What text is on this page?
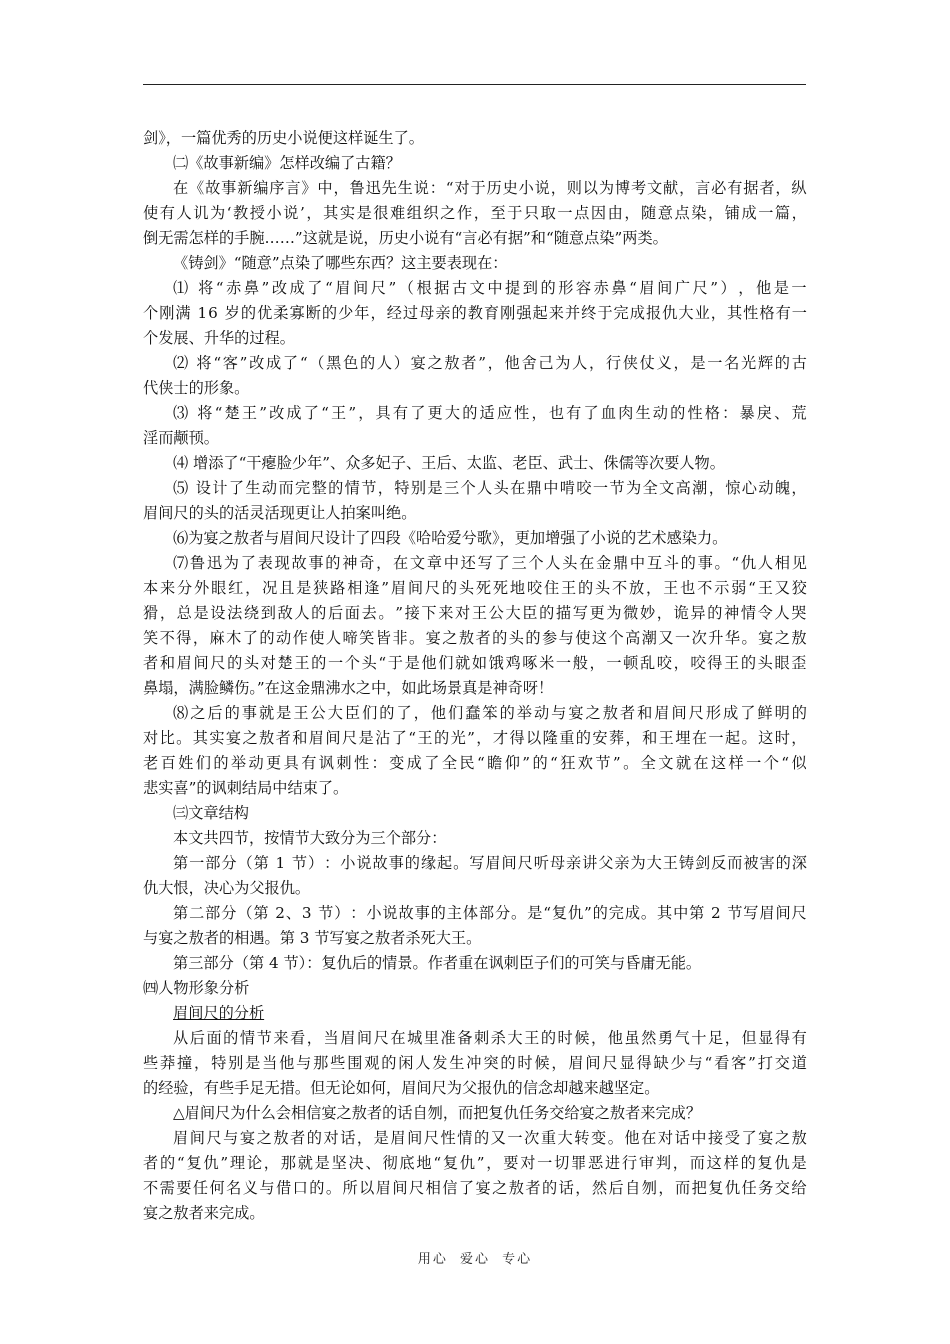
剑》，一篇优秀的历史小说便这样诞生了。
㈡《故事新编》怎样改编了古籍？
在 《 故 事 新 编 序 言 》 中 ， 鲁 迅 先 生 说 ： “ 对 于 历 史 小 说 ， 则 以 为 博 考 文 献 ， 言 必 有 据 者 ， 纵
使 有 人 讥 为 ‘ 教 授 小 说 ’ ， 其 实 是 很 难 组 织 之 作 ， 至 于 只 取 一 点 因 由 ， 随 意 点 染 ， 铺 成 一 篇 ，
倒无需怎样的手腕……”这就是说，历史小说有“言必有据”和“随意点染”两类。
《铸剑》“随意”点染了哪些东西？这主要表现在：
⑴
将 “ 赤 鼻 ” 改 成 了 “ 眉 间 尺 ” （ 根 据 古 文 中 提 到 的 形 容 赤 鼻 “ 眉 间 广 尺 ” ） ， 他 是 一
个 刚 满
1 6
岁 的 优 柔 寡 断 的 少 年 ， 经 过 母 亲 的 教 育 刚 强 起 来 并 终 于 完 成 报 仇 大 业 ， 其 性 格 有 一
个发展、升华的过程。
⑵
将 “ 客 ” 改 成 了 “ （ 黑 色 的 人 ） 宴 之 敖 者 ” ， 他 舍 己 为 人 ， 行 侠 仗 义 ， 是 一 名 光 辉 的 古
代侠士的形象。
⑶
将 “ 楚 王 ” 改 成 了 “ 王 ” ， 具 有 了 更 大 的 适 应 性 ， 也 有 了 血 肉 生 动 的 性 格 ： 暴 戾 、 荒
淫而颟顸。
⑷ 增添了“干瘪脸少年”、众多妃子、王后、太监、老臣、武士、侏儒等次要人物。
⑸
设 计 了 生 动 而 完 整 的 情 节 ， 特 别 是 三 个 人 头 在 鼎 中 啃 咬 一 节 为 全 文 高 潮 ， 惊 心 动 魄 ，
眉间尺的头的活灵活现更让人拍案叫绝。
⑹为宴之敖者与眉间尺设计了四段《哈哈爱兮歌》，更加增强了小说的艺术感染力。
⑺ 鲁 迅 为 了 表 现 故 事 的 神 奇 ， 在 文 章 中 还 写 了 三 个 人 头 在 金 鼎 中 互 斗 的 事 。 “ 仇 人 相 见
本 来 分 外 眼 红 ， 况 且 是 狭 路 相 逢 ” 眉 间 尺 的 头 死 死 地 咬 住 王 的 头 不 放 ， 王 也 不 示 弱 “ 王 又 狡
猾 ， 总 是 设 法 绕 到 敌 人 的 后 面 去 。 ” 接 下 来 对 王 公 大 臣 的 描 写 更 为 微 妙 ， 诡 异 的 神 情 令 人 哭
笑 不 得 ， 麻 木 了 的 动 作 使 人 啼 笑 皆 非 。 宴 之 敖 者 的 头 的 参 与 使 这 个 高 潮 又 一 次 升 华 。 宴 之 敖
者 和 眉 间 尺 的 头 对 楚 王 的 一 个 头 “ 于 是 他 们 就 如 饿 鸡 啄 米 一 般 ， 一 顿 乱 咬 ， 咬 得 王 的 头 眼 歪
鼻塌，满脸鳞伤。”在这金鼎沸水之中，如此场景真是神奇呀！
⑻ 之 后 的 事 就 是 王 公 大 臣 们 的 了 ， 他 们 蠢 笨 的 举 动 与 宴 之 敖 者 和 眉 间 尺 形 成 了 鲜 明 的
对 比 。 其 实 宴 之 敖 者 和 眉 间 尺 是 沾 了 “ 王 的 光 ” ， 才 得 以 隆 重 的 安 葬 ， 和 王 埋 在 一 起 。 这 时 ，
老 百 姓 们 的 举 动 更 具 有 讽 刺 性 ： 变 成 了 全 民 “ 瞻 仰 ” 的 “ 狂 欢 节 ” 。 全 文 就 在 这 样 一 个 “ 似
悲实喜”的讽刺结局中结束了。
㈢文章结构
本文共四节，按情节大致分为三个部分：
第 一 部 分 （ 第
1
节 ） ： 小 说 故 事 的 缘 起 。 写 眉 间 尺 听 母 亲 讲 父 亲 为 大 王 铸 剑 反 而 被 害 的 深
仇大恨，决心为父报仇。
第 二 部 分 （ 第
2 、 3
节 ） ： 小 说 故 事 的 主 体 部 分 。 是 “ 复 仇 ” 的 完 成 。 其 中 第
2
节 写 眉 间 尺
与宴之敖者的相遇。第 3 节写宴之敖者杀死大王。
第三部分（第 4 节）：复仇后的情景。作者重在讽刺臣子们的可笑与昏庸无能。
㈣人物形象分析
眉间尺的分析
从 后 面 的 情 节 来 看 ， 当 眉 间 尺 在 城 里 准 备 刺 杀 大 王 的 时 候 ， 他 虽 然 勇 气 十 足 ， 但 显 得 有
些 莽 撞 ， 特 别 是 当 他 与 那 些 围 观 的 闲 人 发 生 冲 突 的 时 候 ， 眉 间 尺 显 得 缺 少 与 “ 看 客 ” 打 交 道
的经验，有些手足无措。但无论如何，眉间尺为父报仇的信念却越来越坚定。
△眉间尺为什么会相信宴之敖者的话自刎，而把复仇任务交给宴之敖者来完成？
眉 间 尺 与 宴 之 敖 者 的 对 话 ， 是 眉 间 尺 性 情 的 又 一 次 重 大 转 变 。 他 在 对 话 中 接 受 了 宴 之 敖
者 的 “ 复 仇 ” 理 论 ， 那 就 是 坚 决 、 彻 底 地 “ 复 仇 ” ， 要 对 一 切 罪 恶 进 行 审 判 ， 而 这 样 的 复 仇 是
不 需 要 任 何 名 义 与 借 口 的 。 所 以 眉 间 尺 相 信 了 宴 之 敖 者 的 话 ， 然 后 自 刎 ， 而 把 复 仇 任 务 交 给
宴之敖者来完成。
用心 爱心 专心
